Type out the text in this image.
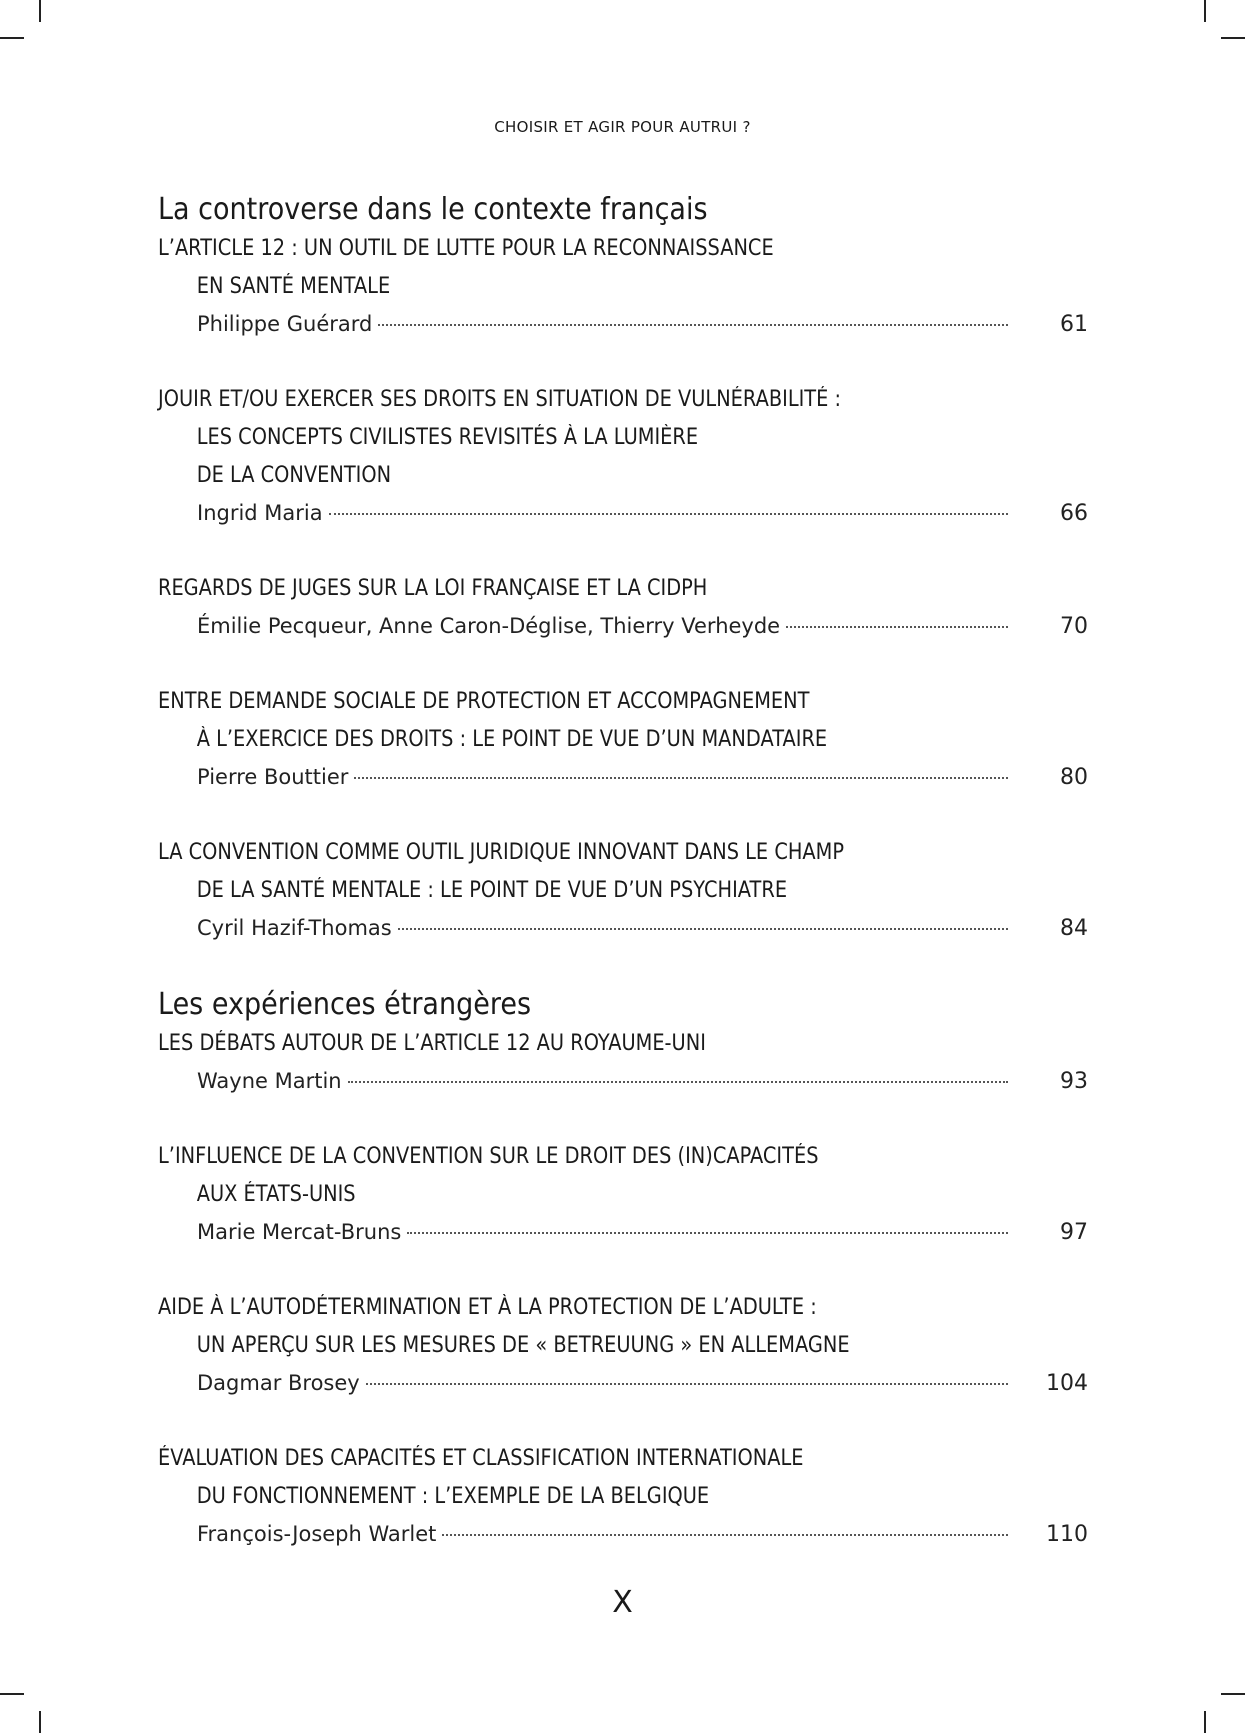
CHOISIR ET AGIR POUR AUTRUI ?
La controverse dans le contexte français
L’ARTICLE 12 : UN OUTIL DE LUTTE POUR LA RECONNAISSANCE
EN SANTÉ MENTALE
Philippe Guérard	61
JOUIR ET/OU EXERCER SES DROITS EN SITUATION DE VULNÉRABILITÉ :
LES CONCEPTS CIVILISTES REVISITÉS À LA LUMIÈRE
DE LA CONVENTION
Ingrid Maria	66
REGARDS DE JUGES SUR LA LOI FRANÇAISE ET LA CIDPH
Émilie Pecqueur, Anne Caron-Déglise, Thierry Verheyde	70
ENTRE DEMANDE SOCIALE DE PROTECTION ET ACCOMPAGNEMENT
À L’EXERCICE DES DROITS : LE POINT DE VUE D’UN MANDATAIRE
Pierre Bouttier	80
LA CONVENTION COMME OUTIL JURIDIQUE INNOVANT DANS LE CHAMP
DE LA SANTÉ MENTALE : LE POINT DE VUE D’UN PSYCHIATRE
Cyril Hazif-Thomas	84
Les expériences étrangères
LES DÉBATS AUTOUR DE L’ARTICLE 12 AU ROYAUME-UNI
Wayne Martin	93
L’INFLUENCE DE LA CONVENTION SUR LE DROIT DES (IN)CAPACITÉS
AUX ÉTATS-UNIS
Marie Mercat-Bruns	97
AIDE À L’AUTODÉTERMINATION ET À LA PROTECTION DE L’ADULTE :
UN APERÇU SUR LES MESURES DE « BETREUUNG » EN ALLEMAGNE
Dagmar Brosey	104
ÉVALUATION DES CAPACITÉS ET CLASSIFICATION INTERNATIONALE
DU FONCTIONNEMENT : L’EXEMPLE DE LA BELGIQUE
François-Joseph Warlet	110
X
